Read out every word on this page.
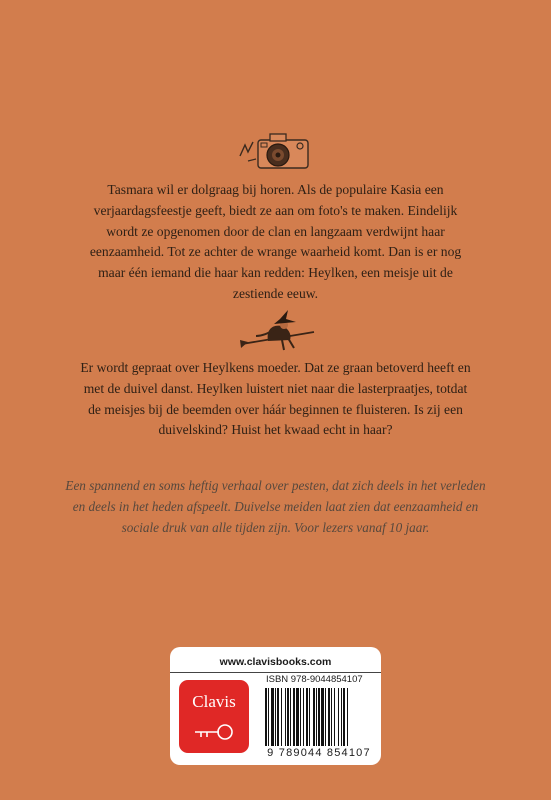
Tasmara wil er dolgraag bij horen. Als de populaire Kasia een verjaardagsfeestje geeft, biedt ze aan om foto's te maken. Eindelijk wordt ze opgenomen door de clan en langzaam verdwijnt haar eenzaamheid. Tot ze achter de wrange waarheid komt. Dan is er nog maar één iemand die haar kan redden: Heylken, een meisje uit de zestiende eeuw.

Er wordt gepraat over Heylkens moeder. Dat ze graan betoverd heeft en met de duivel danst. Heylken luistert niet naar die lasterpraatjes, totdat de meisjes bij de beemden over háár beginnen te fluisteren. Is zij een duivelskind? Huist het kwaad echt in haar?

Een spannend en soms heftig verhaal over pesten, dat zich deels in het verleden en deels in het heden afspeelt. Duivelse meiden laat zien dat eenzaamheid en sociale druk van alle tijden zijn. Voor lezers vanaf 10 jaar.

www.clavisbooks.com
Clavis
ISBN 978-9044854107
9 789044 854107
